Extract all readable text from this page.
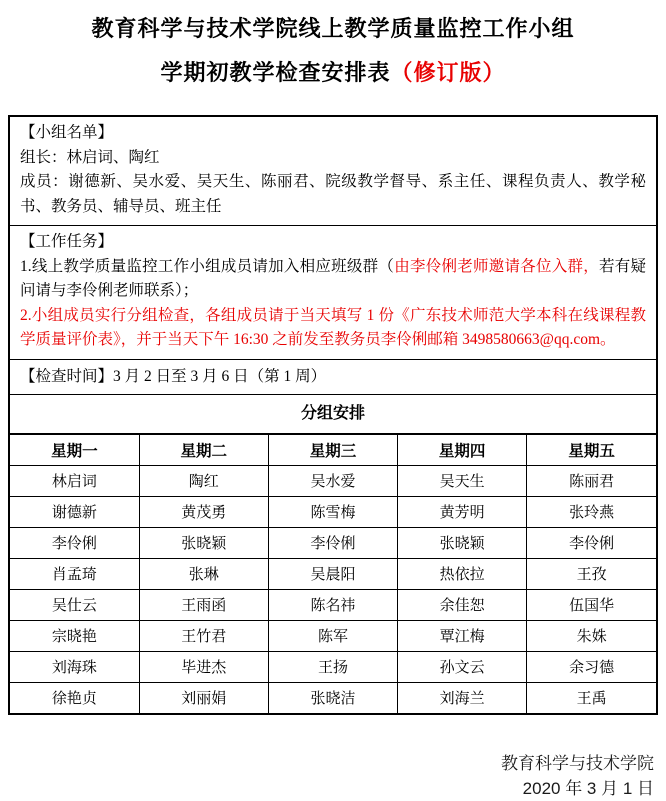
教育科学与技术学院线上教学质量监控工作小组
学期初教学检查安排表（修订版）

【小组名单】

组长：林启词、陶红

成员：谢德新、吴水爱、吴天生、陈丽君、院级教学督导、系主任、课程负责人、教学秘书、教务员、辅导员、班主任

【工作任务】

1.线上教学质量监控工作小组成员请加入相应班级群（由李伶俐老师邀请各位入群，若有疑问请与李伶俐老师联系）；

2.小组成员实行分组检查，各组成员请于当天填写 1 份《广东技术师范大学本科在线课程教学质量评价表》，并于当天下午 16:30 之前发至教务员李伶俐邮箱 3498580663@qq.com。

【检查时间】3 月 2 日至 3 月 6 日（第 1 周）
分组安排
星期一	星期二	星期三	星期四	星期五
林启词	陶红	吴水爱	吴天生	陈丽君
谢德新	黄茂勇	陈雪梅	黄芳明	张玲燕
李伶俐	张晓颖	李伶俐	张晓颖	李伶俐
肖孟琦	张琳	吴晨阳	热依拉	王孜
吴仕云	王雨函	陈名祎	余佳恕	伍国华
宗晓艳	王竹君	陈军	覃江梅	朱姝
刘海珠	毕进杰	王扬	孙文云	余习德
徐艳贞	刘丽娟	张晓洁	刘海兰	王禹

教育科学与技术学院

2020 年 3 月 1 日
